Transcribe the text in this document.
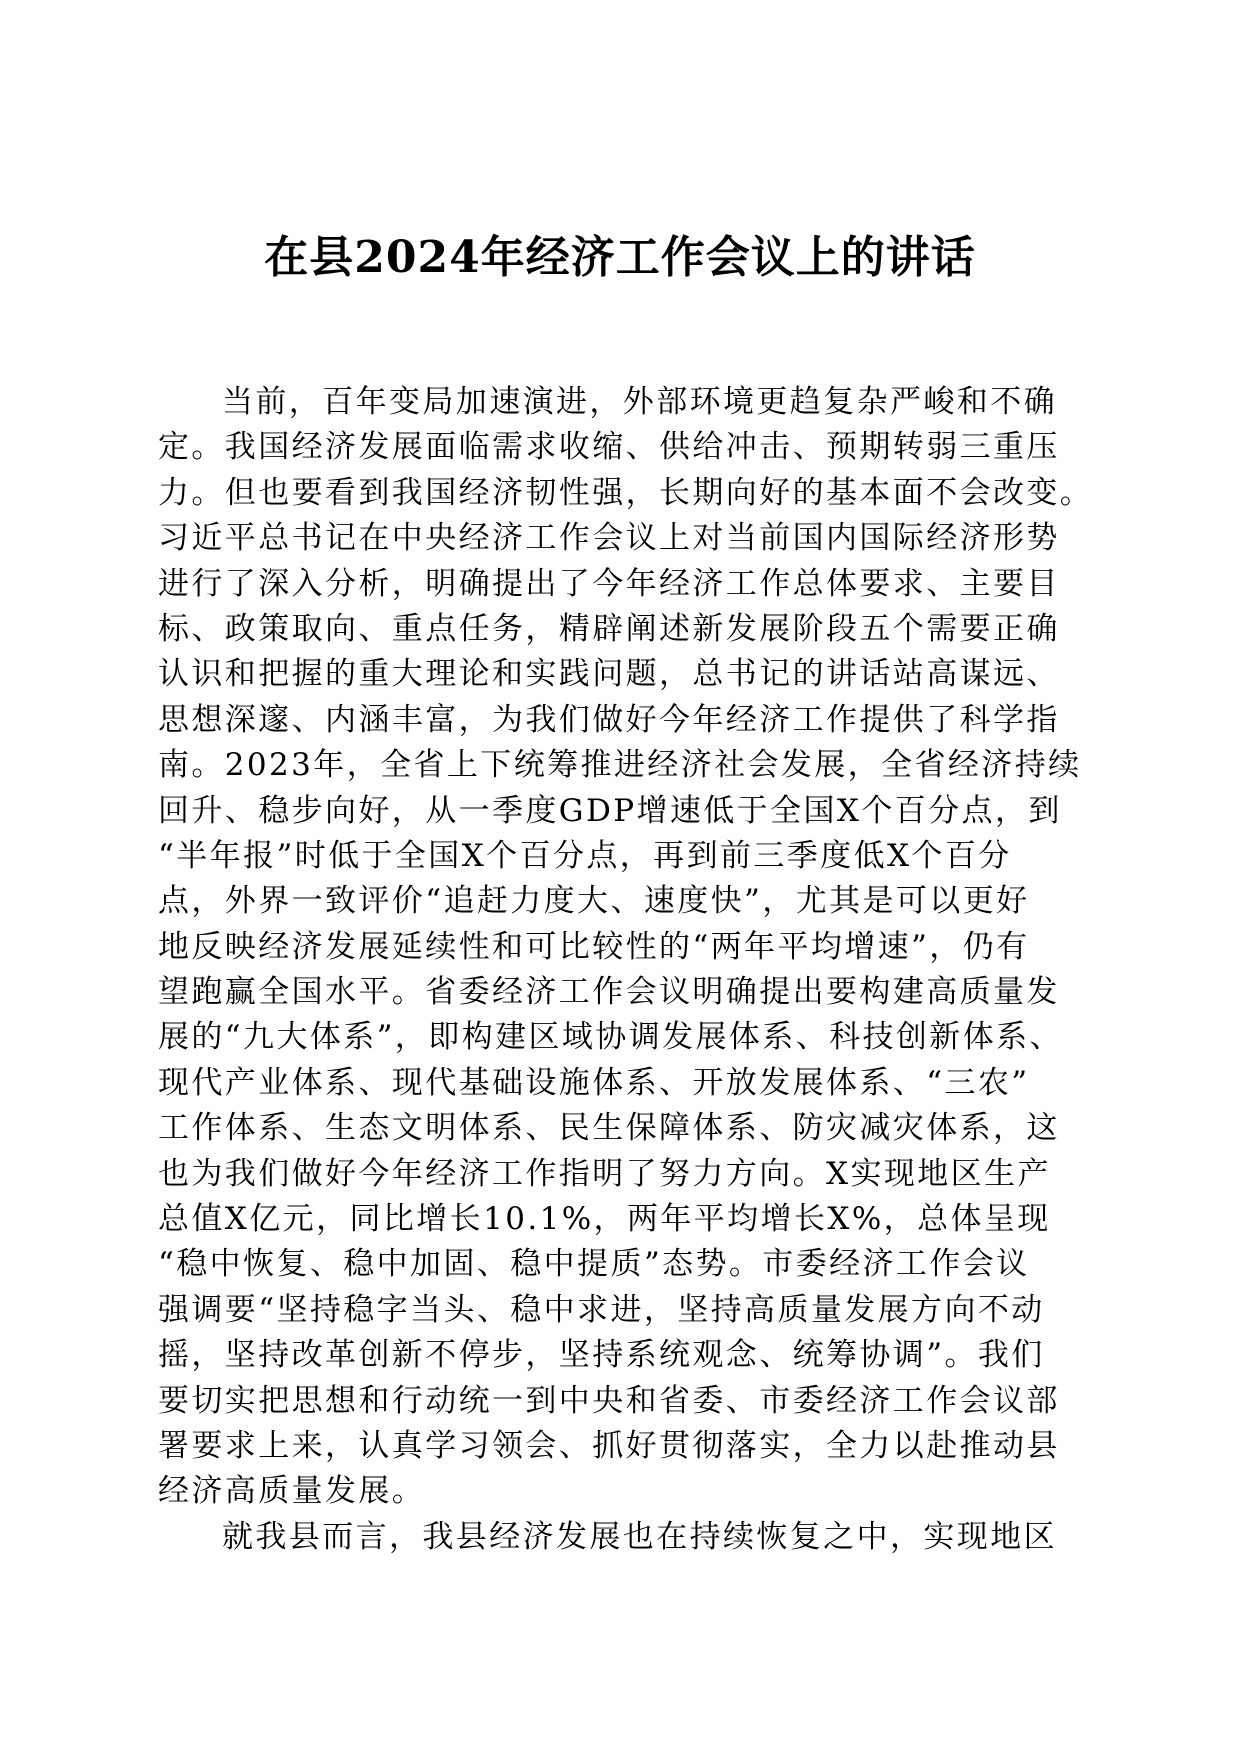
在县2024年经济工作会议上的讲话
当前，百年变局加速演进，外部环境更趋复杂严峻和不确
定。我国经济发展面临需求收缩、供给冲击、预期转弱三重压
力。但也要看到我国经济韧性强，长期向好的基本面不会改变。
习近平总书记在中央经济工作会议上对当前国内国际经济形势
进行了深入分析，明确提出了今年经济工作总体要求、主要目
标、政策取向、重点任务，精辟阐述新发展阶段五个需要正确
认识和把握的重大理论和实践问题，总书记的讲话站高谋远、
思想深邃、内涵丰富，为我们做好今年经济工作提供了科学指
南。2023年，全省上下统筹推进经济社会发展，全省经济持续
回升、稳步向好，从一季度GDP增速低于全国X个百分点，到
“半年报”时低于全国X个百分点，再到前三季度低X个百分
点，外界一致评价“追赶力度大、速度快”，尤其是可以更好
地反映经济发展延续性和可比较性的“两年平均增速”，仍有
望跑赢全国水平。省委经济工作会议明确提出要构建高质量发
展的“九大体系”，即构建区域协调发展体系、科技创新体系、
现代产业体系、现代基础设施体系、开放发展体系、“三农”
工作体系、生态文明体系、民生保障体系、防灾减灾体系，这
也为我们做好今年经济工作指明了努力方向。X实现地区生产
总值X亿元，同比增长10.1%，两年平均增长X%，总体呈现
“稳中恢复、稳中加固、稳中提质”态势。市委经济工作会议
强调要“坚持稳字当头、稳中求进，坚持高质量发展方向不动
摇，坚持改革创新不停步，坚持系统观念、统筹协调”。我们
要切实把思想和行动统一到中央和省委、市委经济工作会议部
署要求上来，认真学习领会、抓好贯彻落实，全力以赴推动县
经济高质量发展。
就我县而言，我县经济发展也在持续恢复之中，实现地区
